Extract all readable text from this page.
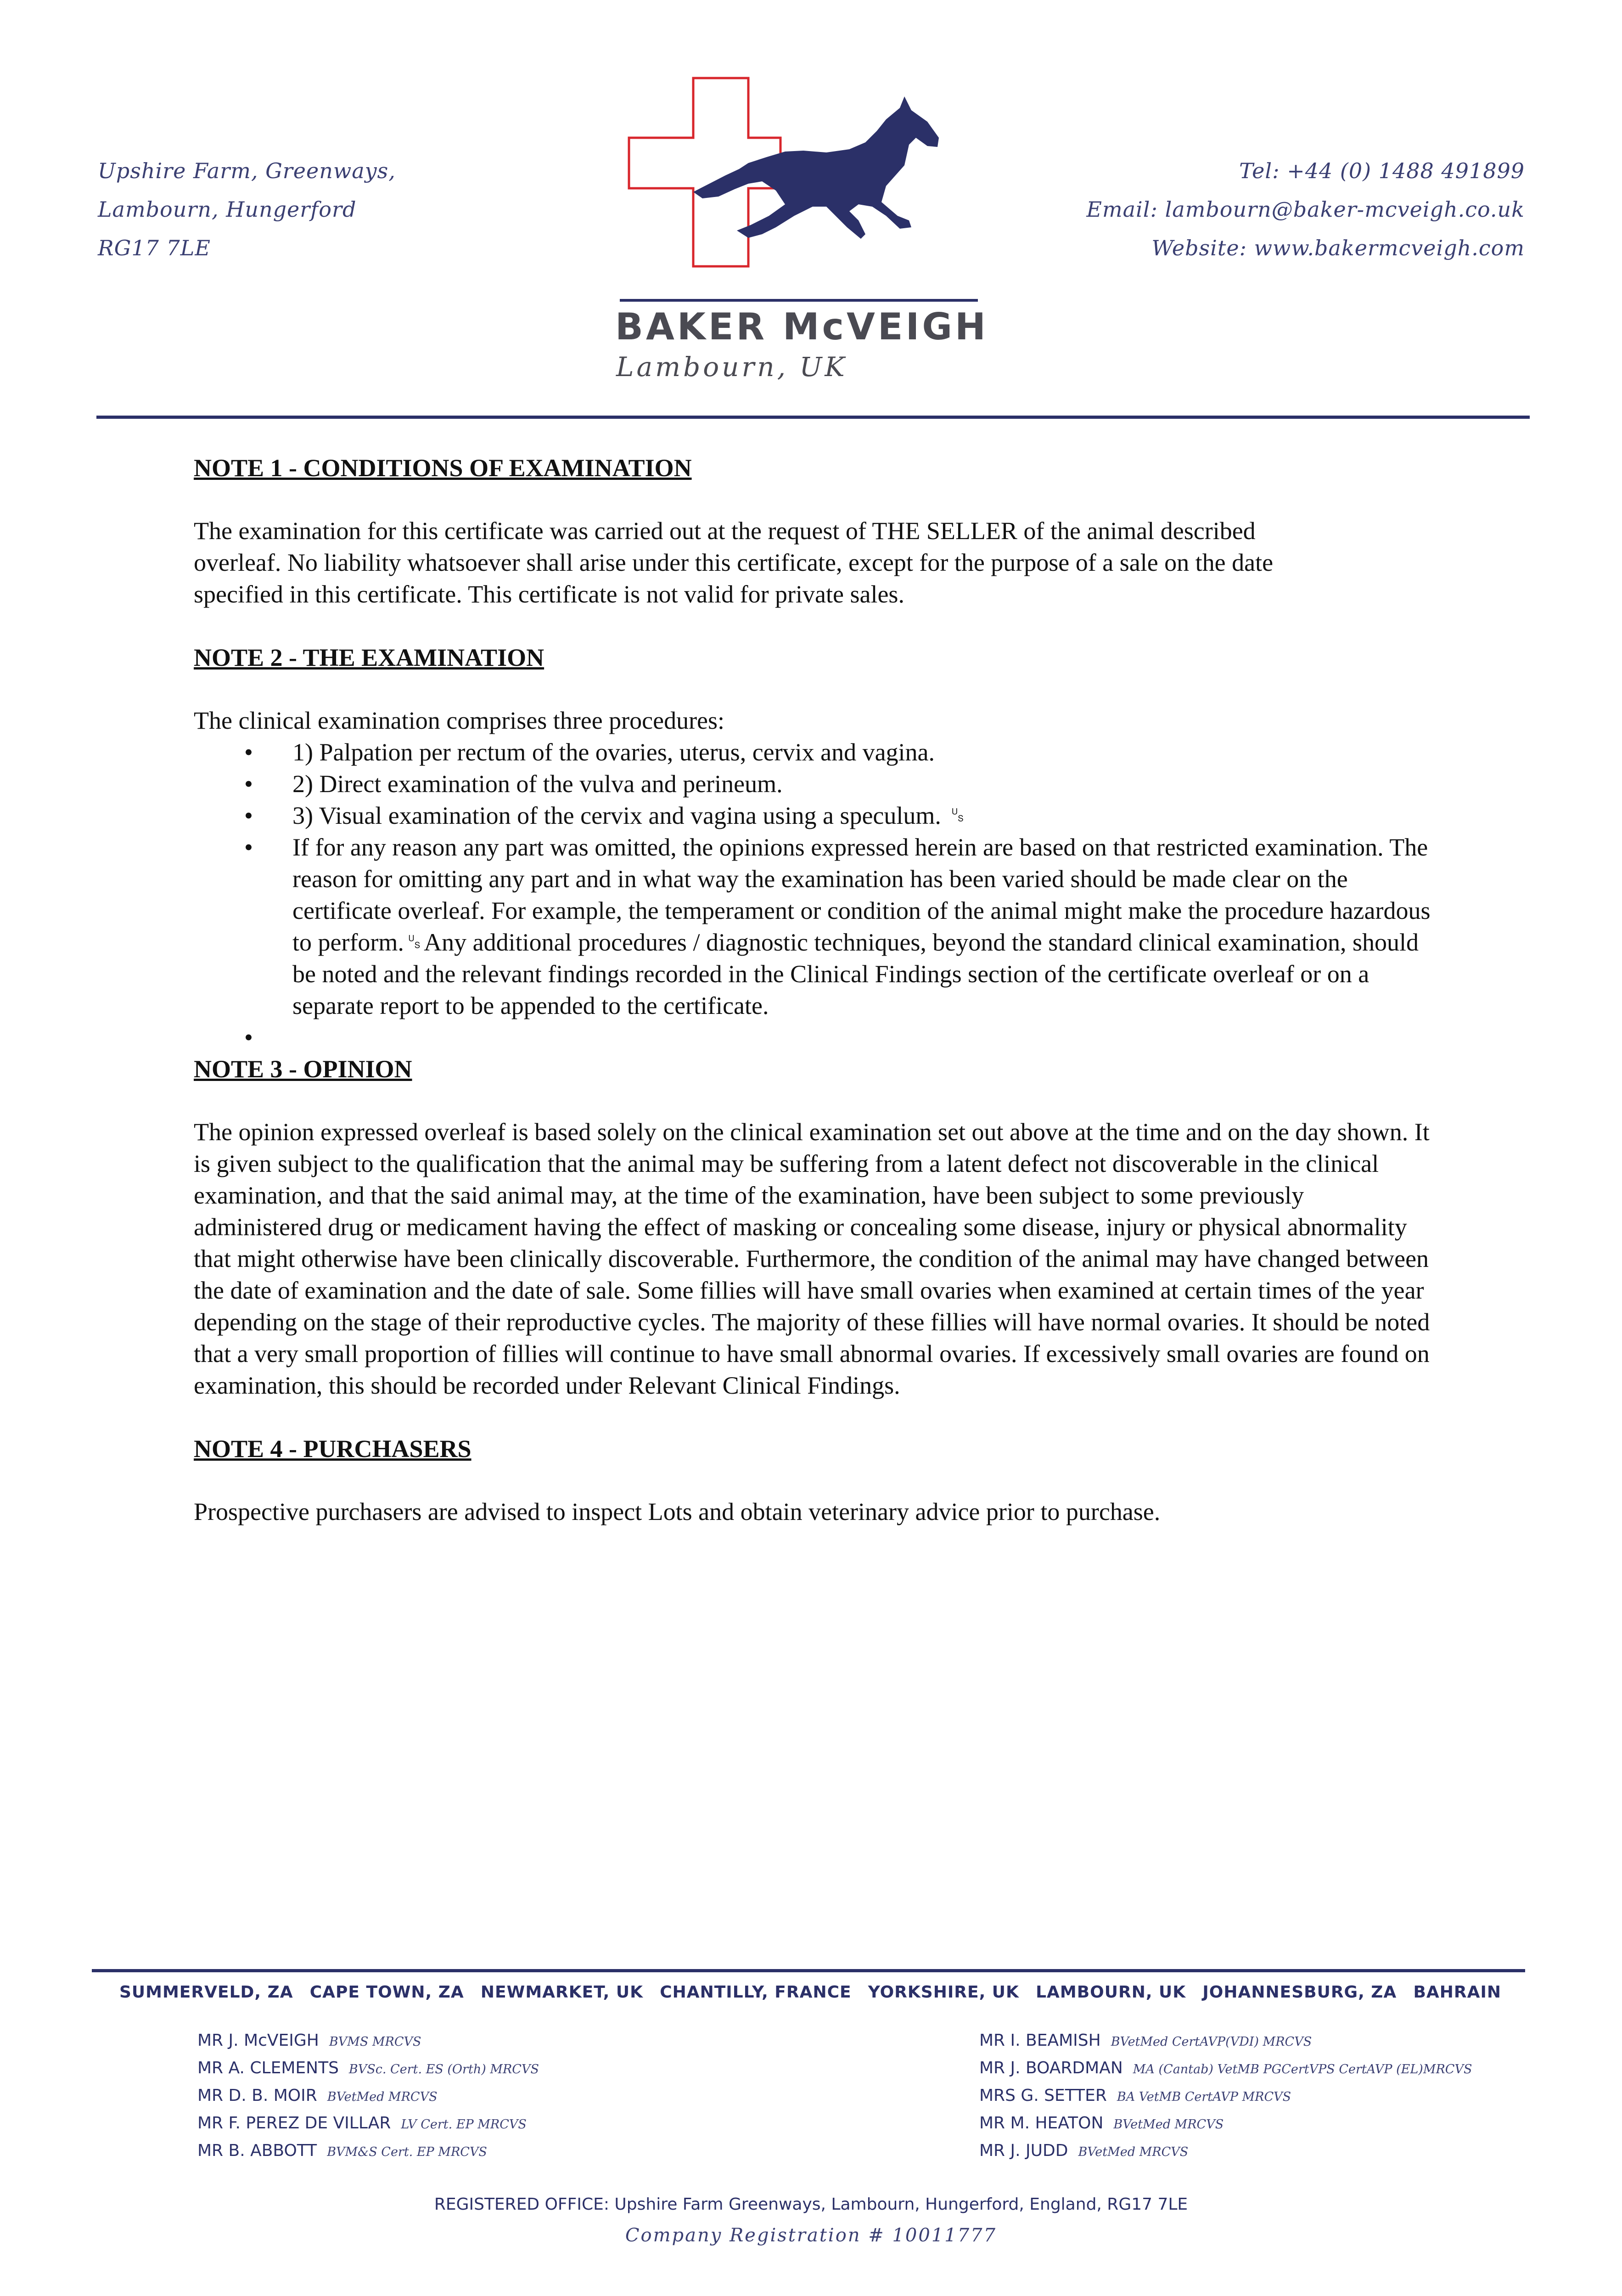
Upshire Farm, Greenways,
Lambourn, Hungerford
RG17 7LE
BAKER McVEIGH
Lambourn, UK
Tel: +44 (0) 1488 491899
Email: lambourn@baker-mcveigh.co.uk
Website: www.bakermcveigh.com
NOTE 1 - CONDITIONS OF EXAMINATION

The examination for this certificate was carried out at the request of THE SELLER of the animal described
overleaf. No liability whatsoever shall arise under this certificate, except for the purpose of a sale on the date
specified in this certificate. This certificate is not valid for private sales.

NOTE 2 - THE EXAMINATION
The clinical examination comprises three procedures:
• 1) Palpation per rectum of the ovaries, uterus, cervix and vagina.
• 2) Direct examination of the vulva and perineum.
• 3) Visual examination of the cervix and vagina using a speculum. ␟
• If for any reason any part was omitted, the opinions expressed herein are based on that restricted examination. The reason for omitting any part and in what way the examination has been varied should be made clear on the certificate overleaf. For example, the temperament or condition of the animal might make the procedure hazardous to perform.␟Any additional procedures / diagnostic techniques, beyond the standard clinical examination, should be noted and the relevant findings recorded in the Clinical Findings section of the certificate overleaf or on a separate report to be appended to the certificate.
•

NOTE 3 - OPINION

The opinion expressed overleaf is based solely on the clinical examination set out above at the time and on the day shown. It is given subject to the qualification that the animal may be suffering from a latent defect not discoverable in the clinical examination, and that the said animal may, at the time of the examination, have been subject to some previously administered drug or medicament having the effect of masking or concealing some disease, injury or physical abnormality that might otherwise have been clinically discoverable. Furthermore, the condition of the animal may have changed between the date of examination and the date of sale. Some fillies will have small ovaries when examined at certain times of the year depending on the stage of their reproductive cycles. The majority of these fillies will have normal ovaries. It should be noted that a very small proportion of fillies will continue to have small abnormal ovaries. If excessively small ovaries are found on examination, this should be recorded under Relevant Clinical Findings.

NOTE 4 - PURCHASERS

Prospective purchasers are advised to inspect Lots and obtain veterinary advice prior to purchase.

SUMMERVELD, ZA CAPE TOWN, ZA NEWMARKET, UK CHANTILLY, FRANCE YORKSHIRE, UK LAMBOURN, UK JOHANNESBURG, ZA BAHRAIN
MR J. McVEIGH BVMS MRCVS
MR A. CLEMENTS BVSc. Cert. ES (Orth) MRCVS
MR D. B. MOIR BVetMed MRCVS
MR F. PEREZ DE VILLAR LV Cert. EP MRCVS
MR B. ABBOTT BVM&S Cert. EP MRCVS
MR I. BEAMISH BVetMed CertAVP(VDI) MRCVS
MR J. BOARDMAN MA (Cantab) VetMB PGCertVPS CertAVP (EL)MRCVS
MRS G. SETTER BA VetMB CertAVP MRCVS
MR M. HEATON BVetMed MRCVS
MR J. JUDD BVetMed MRCVS
REGISTERED OFFICE: Upshire Farm Greenways, Lambourn, Hungerford, England, RG17 7LE
Company Registration # 10011777
